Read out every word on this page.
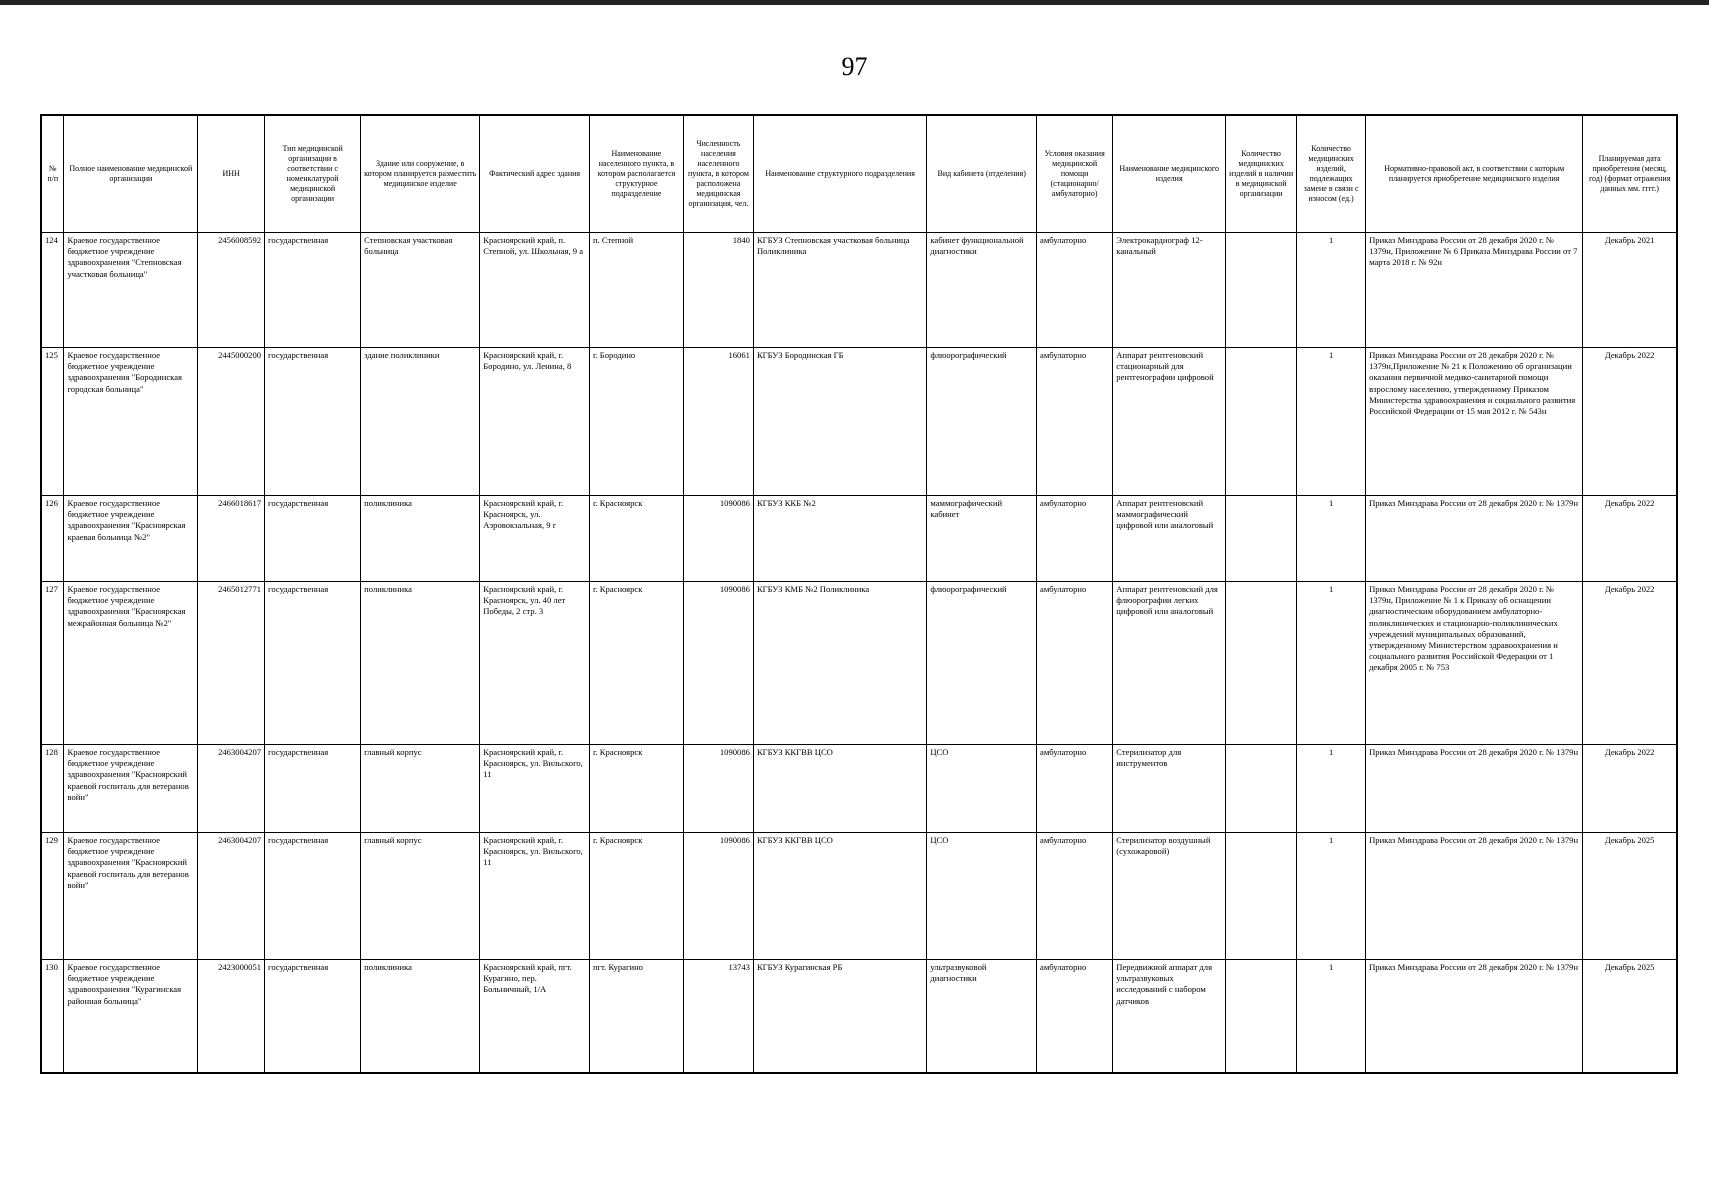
97
№ п/п	Полное наименование медицинской организации	ИНН	Тип медицинской организации в соответствии с номенклатурой медицинской организации	Здание или сооружение, в котором планируется разместить медицинское изделие	Фактический адрес здания	Наименование населенного пункта, в котором располагается структурное подразделение	Численность населения населенного пункта, в котором расположена медицинская организация, чел.	Наименование структурного подразделения	Вид кабинета (отделения)	Условия оказания медицинской помощи (стационарно/амбулаторно)	Наименование медицинского изделия	Количество медицинских изделий в наличии в медицинской организации	Количество медицинских изделий, подлежащих замене в связи с износом (ед.)	Нормативно-правовой акт, в соответствии с которым планируется приобретение медицинского изделия	Планируемая дата приобретения (месяц, год) (формат отражения данных мм. гггг.)
124	Краевое государственное бюджетное учреждение здравоохранения "Степновская участковая больница"	2456008592	государственная	Степновская участковая больница	Красноярский край, п. Степной, ул. Школьная, 9 а	п. Степной	1840	КГБУЗ Степновская участковая больница Поликлиника	кабинет функциональной диагностики	амбулаторно	Электрокардиограф 12-канальный		1	Приказ Минздрава России от 28 декабря 2020 г. № 1379н, Приложение № 6 Приказа Минздрава России от 7 марта 2018 г. № 92н	Декабрь 2021
125	Краевое государственное бюджетное учреждение здравоохранения "Бородинская городская больница"	2445000200	государственная	здание поликлиники	Красноярский край, г. Бородино, ул. Ленина, 8	г. Бородино	16061	КГБУЗ Бородинская ГБ	флюорографический	амбулаторно	Аппарат рентгеновский стационарный для рентгенографии цифровой		1	Приказ Минздрава России от 28 декабря 2020 г. № 1379н,Приложение № 21 к Положению об организации оказания первичной медико-санитарной помощи взрослому населению, утвержденному Приказом Министерства здравоохранения и социального развития Российской Федерации от 15 мая 2012 г. № 543н	Декабрь 2022
126	Краевое государственное бюджетное учреждение здравоохранения "Красноярская краевая больница №2"	2466018617	государственная	поликлиника	Красноярский край, г. Красноярск, ул. Аэровокзальная, 9 г	г. Красноярск	1090086	КГБУЗ ККБ №2	маммографический кабинет	амбулаторно	Аппарат рентгеновский маммографический цифровой или аналоговый		1	Приказ Минздрава России от 28 декабря 2020 г. № 1379н	Декабрь 2022
127	Краевое государственное бюджетное учреждение здравоохранения "Красноярская межрайонная больница №2"	2465012771	государственная	поликлиника	Красноярский край, г. Красноярск, ул. 40 лет Победы, 2 стр. 3	г. Красноярск	1090086	КГБУЗ КМБ №2 Поликлиника	флюорографический	амбулаторно	Аппарат рентгеновский для флюорографии легких цифровой или аналоговый		1	Приказ Минздрава России от 28 декабря 2020 г. № 1379н, Приложение № 1 к Приказу об оснащении диагностическим оборудованием амбулаторно-поликлинических и стационарно-поликлинических учреждений муниципальных образований, утвержденному Министерством здравоохранения и социального развития Российской Федерации от 1 декабря 2005 г. № 753	Декабрь 2022
128	Краевое государственное бюджетное учреждение здравоохранения "Красноярский краевой госпиталь для ветеранов войн"	2463004207	государственная	главный корпус	Красноярский край, г. Красноярск, ул. Вильского, 11	г. Красноярск	1090086	КГБУЗ ККГВВ ЦСО	ЦСО	амбулаторно	Стерилизатор для инструментов		1	Приказ Минздрава России от 28 декабря 2020 г. № 1379н	Декабрь 2022
129	Краевое государственное бюджетное учреждение здравоохранения "Красноярский краевой госпиталь для ветеранов войн"	2463004207	государственная	главный корпус	Красноярский край, г. Красноярск, ул. Вильского, 11	г. Красноярск	1090086	КГБУЗ ККГВВ ЦСО	ЦСО	амбулаторно	Стерилизатор воздушный (сухожаровой)		1	Приказ Минздрава России от 28 декабря 2020 г. № 1379н	Декабрь 2025
130	Краевое государственное бюджетное учреждение здравоохранения "Курагинская районная больница"	2423000051	государственная	поликлиника	Красноярский край, пгт. Курагино, пер. Больничный, 1/А	пгт. Курагино	13743	КГБУЗ Курагинская РБ	ультразвуковой диагностики	амбулаторно	Передвижной аппарат для ультразвуковых исследований с набором датчиков		1	Приказ Минздрава России от 28 декабря 2020 г. № 1379н	Декабрь 2025
